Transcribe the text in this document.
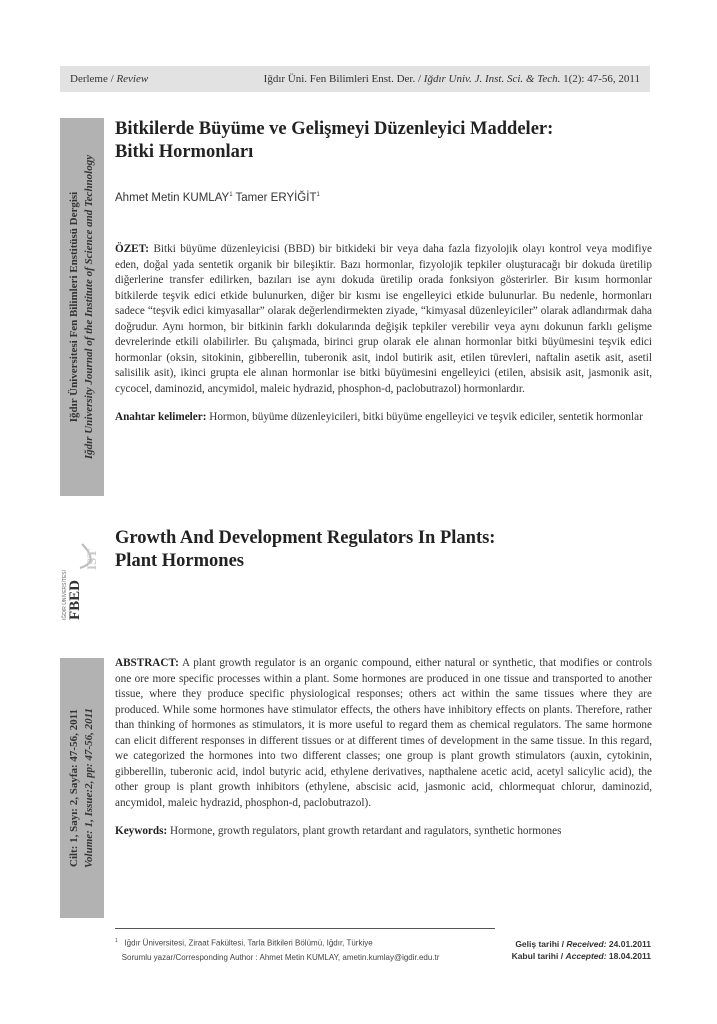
Derleme / Review	Iğdır Üni. Fen Bilimleri Enst. Der. / Iğdır Univ. J. Inst. Sci. & Tech. 1(2): 47-56, 2011
Iğdır Üniversitesi Fen Bilimleri Enstitüsü Dergisi Iğdır University Journal of the Institute of Science and Technology
IĞDIR ÜNİVERSİTESİ FBED
IST
Cilt: 1, Sayı: 2, Sayfa: 47-56, 2011 Volume: 1, Issue:2, pp: 47-56, 2011
Bitkilerde Büyüme ve Gelişmeyi Düzenleyici Maddeler:
Bitki Hormonları
Ahmet Metin KUMLAY$^1$ Tamer ERYİĞİT$^1$

ÖZET: Bitki büyüme düzenleyicisi (BBD) bir bitkideki bir veya daha fazla fizyolojik olayı kontrol veya modifiye eden, doğal yada sentetik organik bir bileşiktir. Bazı hormonlar, fizyolojik tepkiler oluşturacağı bir dokuda üretilip diğerlerine transfer edilirken, bazıları ise aynı dokuda üretilip orada fonksiyon gösterirler. Bir kısım hormonlar bitkilerde teşvik edici etkide bulunurken, diğer bir kısmı ise engelleyici etkide bulunurlar. Bu nedenle, hormonları sadece “teşvik edici kimyasallar” olarak değerlendirmekten ziyade, “kimyasal düzenleyiciler” olarak adlandırmak daha doğrudur. Aynı hormon, bir bitkinin farklı dokularında değişik tepkiler verebilir veya aynı dokunun farklı gelişme devrelerinde etkili olabilirler. Bu çalışmada, birinci grup olarak ele alınan hormonlar bitki büyümesini teşvik edici hormonlar (oksin, sitokinin, gibberellin, tuberonik asit, indol butirik asit, etilen türevleri, naftalin asetik asit, asetil salisilik asit), ikinci grupta ele alınan hormonlar ise bitki büyümesini engelleyici (etilen, absisik asit, jasmonik asit, cycocel, daminozid, ancymidol, maleic hydrazid, phosphon-d, paclobutrazol) hormonlardır.

Anahtar kelimeler: Hormon, büyüme düzenleyicileri, bitki büyüme engelleyici ve teşvik ediciler, sentetik hormonlar

Growth And Development Regulators In Plants:
Plant Hormones

ABSTRACT: A plant growth regulator is an organic compound, either natural or synthetic, that modifies or controls one ore more specific processes within a plant. Some hormones are produced in one tissue and transported to another tissue, where they produce specific physiological responses; others act within the same tissues where they are produced. While some hormones have stimulator effects, the others have inhibitory effects on plants. Therefore, rather than thinking of hormones as stimulators, it is more useful to regard them as chemical regulators. The same hormone can elicit different responses in different tissues or at different times of development in the same tissue. In this regard, we categorized the hormones into two different classes; one group is plant growth stimulators (auxin, cytokinin, gibberellin, tuberonic acid, indol butyric acid, ethylene derivatives, napthalene acetic acid, acetyl salicylic acid), the other group is plant growth inhibitors (ethylene, abscisic acid, jasmonic acid, chlormequat chlorur, daminozid, ancymidol, maleic hydrazid, phosphon-d, paclobutrazol).

Keywords: Hormone, growth regulators, plant growth retardant and ragulators, synthetic hormones

$^1$ Iğdır Üniversitesi, Ziraat Fakültesi, Tarla Bitkileri Bölümü, Iğdır, Türkiye
Sorumlu yazar/Corresponding Author : Ahmet Metin KUMLAY, ametin.kumlay@igdir.edu.tr
Geliş tarihi / Received: 24.01.2011
Kabul tarihi / Accepted: 18.04.2011
